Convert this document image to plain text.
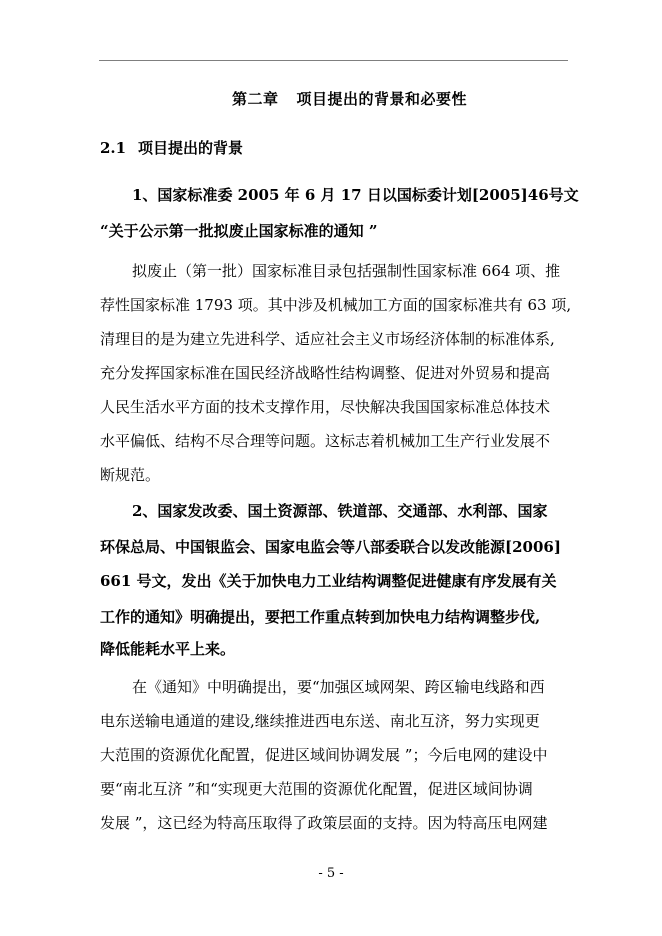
第二章 项目提出的背景和必要性
2.1 项目提出的背景
1、国家标准委 2005 年 6 月 17 日以国标委计划[2005]46号文
“关于公示第一批拟废止国家标准的通知 ”
拟废止（第一批）国家标准目录包括强制性国家标准 664 项、推
荐性国家标准 1793 项。其中涉及机械加工方面的国家标准共有 63 项,
清理目的是为建立先进科学、适应社会主义市场经济体制的标准体系,
充分发挥国家标准在国民经济战略性结构调整、促进对外贸易和提高
人民生活水平方面的技术支撑作用，尽快解决我国国家标准总体技术
水平偏低、结构不尽合理等问题。这标志着机械加工生产行业发展不
断规范。
2、国家发改委、国土资源部、铁道部、交通部、水利部、国家
环保总局、中国银监会、国家电监会等八部委联合以发改能源[2006]
661 号文，发出《关于加快电力工业结构调整促进健康有序发展有关
工作的通知》明确提出，要把工作重点转到加快电力结构调整步伐,
降低能耗水平上来。
在《通知》中明确提出，要“加强区域网架、跨区输电线路和西
电东送输电通道的建设,继续推进西电东送、南北互济，努力实现更
大范围的资源优化配置，促进区域间协调发展 ”；今后电网的建设中
要“南北互济 ”和“实现更大范围的资源优化配置，促进区域间协调
发展 ”，这已经为特高压取得了政策层面的支持。因为特高压电网建
- 5 -
